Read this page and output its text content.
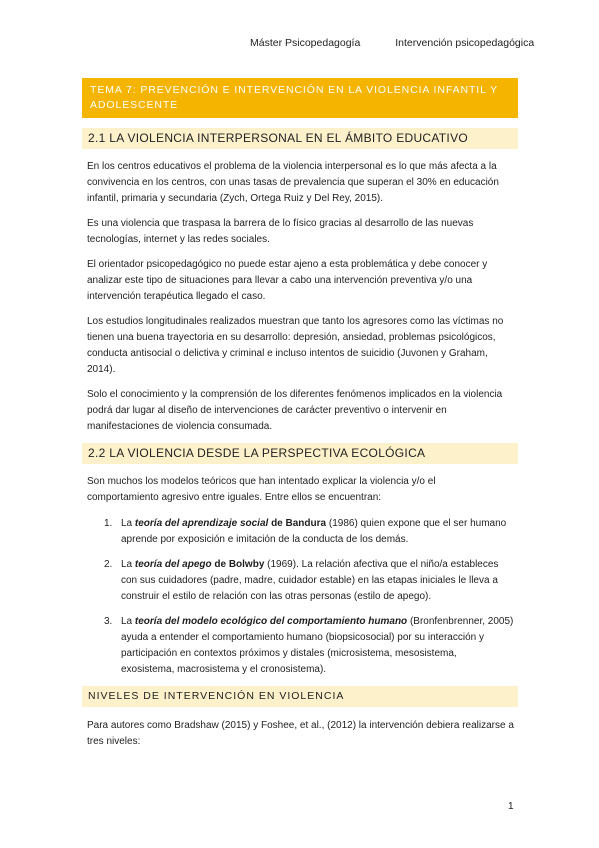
Máster Psicopedagogía	Intervención psicopedagógica
TEMA 7: PREVENCIÓN E INTERVENCIÓN EN LA VIOLENCIA INFANTIL Y
ADOLESCENTE
2.1 LA VIOLENCIA INTERPERSONAL EN EL ÁMBITO EDUCATIVO
En los centros educativos el problema de la violencia interpersonal es lo que más afecta a la
convivencia en los centros, con unas tasas de prevalencia que superan el 30% en educación
infantil, primaria y secundaria (Zych, Ortega Ruiz y Del Rey, 2015).
Es una violencia que traspasa la barrera de lo físico gracias al desarrollo de las nuevas
tecnologías, internet y las redes sociales.
El orientador psicopedagógico no puede estar ajeno a esta problemática y debe conocer y
analizar este tipo de situaciones para llevar a cabo una intervención preventiva y/o una
intervención terapéutica llegado el caso.
Los estudios longitudinales realizados muestran que tanto los agresores como las víctimas no
tienen una buena trayectoria en su desarrollo: depresión, ansiedad, problemas psicológicos,
conducta antisocial o delictiva y criminal e incluso intentos de suicidio (Juvonen y Graham,
2014).
Solo el conocimiento y la comprensión de los diferentes fenómenos implicados en la violencia
podrá dar lugar al diseño de intervenciones de carácter preventivo o intervenir en
manifestaciones de violencia consumada.
2.2 LA VIOLENCIA DESDE LA PERSPECTIVA ECOLÓGICA
Son muchos los modelos teóricos que han intentado explicar la violencia y/o el
comportamiento agresivo entre iguales. Entre ellos se encuentran:
1. La teoría del aprendizaje social de Bandura (1986) quien expone que el ser humano
aprende por exposición e imitación de la conducta de los demás.
2. La teoría del apego de Bolwby (1969). La relación afectiva que el niño/a estableces
con sus cuidadores (padre, madre, cuidador estable) en las etapas iniciales le lleva a
construir el estilo de relación con las otras personas (estilo de apego).
3. La teoría del modelo ecológico del comportamiento humano (Bronfenbrenner, 2005)
ayuda a entender el comportamiento humano (biopsicosocial) por su interacción y
participación en contextos próximos y distales (microsistema, mesosistema,
exosistema, macrosistema y el cronosistema).
NIVELES DE INTERVENCIÓN EN VIOLENCIA
Para autores como Bradshaw (2015) y Foshee, et al., (2012) la intervención debiera realizarse a
tres niveles:
1
